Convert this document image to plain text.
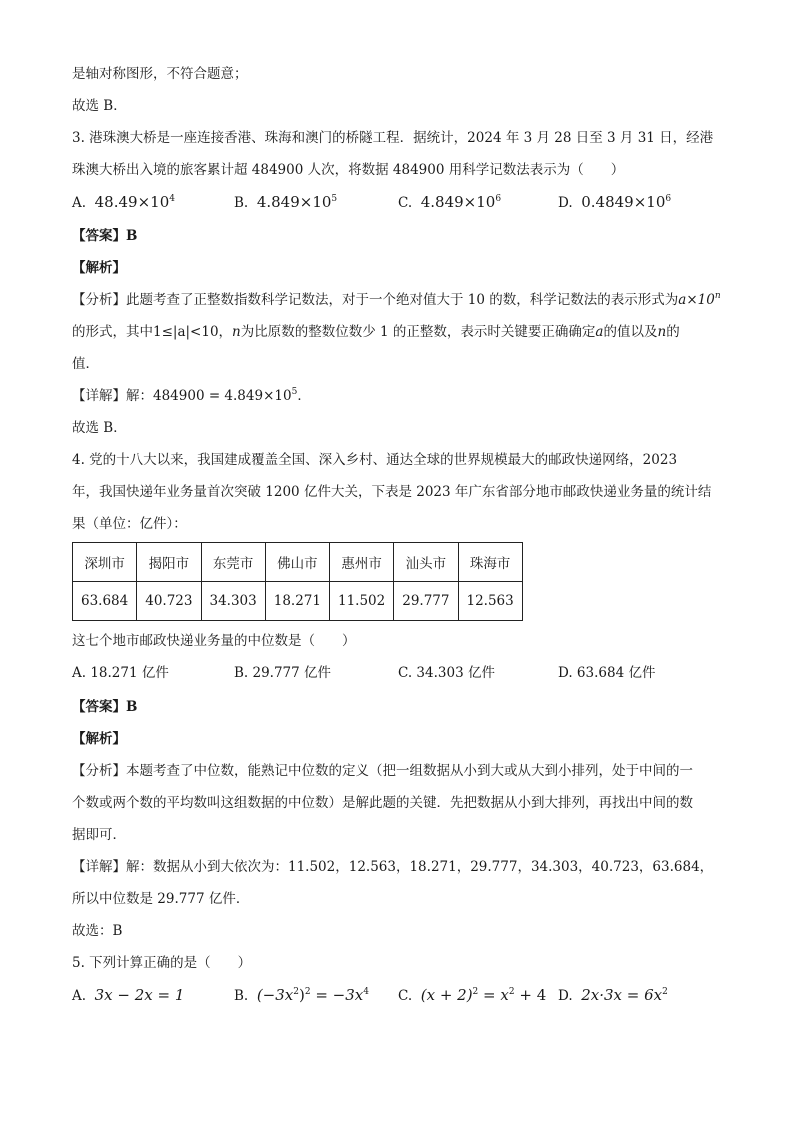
是轴对称图形，不符合题意；
故选 B．
3. 港珠澳大桥是一座连接香港、珠海和澳门的桥隧工程．据统计，2024 年 3 月 28 日至 3 月 31 日，经港
珠澳大桥出入境的旅客累计超 484900 人次，将数据 484900 用科学记数法表示为（　　）
A. $48.49\times 10^4$	B. $4.849\times 10^5$	C. $4.849\times 10^6$	D. $0.4849\times 10^6$
【答案】B
【解析】
【分析】此题考查了正整数指数科学记数法，对于一个绝对值大于 10 的数，科学记数法的表示形式为$a\times 10^n$
的形式，其中1≤|a|<10，n为比原数的整数位数少 1 的正整数，表示时关键要正确确定a的值以及n的
值．
【详解】解：$484900 = 4.849\times 10^5$．
故选 B．
4. 党的十八大以来，我国建成覆盖全国、深入乡村、通达全球的世界规模最大的邮政快递网络，2023
年，我国快递年业务量首次突破 1200 亿件大关，下表是 2023 年广东省部分地市邮政快递业务量的统计结
果（单位：亿件）：
深圳市	揭阳市	东莞市	佛山市	惠州市	汕头市	珠海市
63.684	40.723	34.303	18.271	11.502	29.777	12.563
这七个地市邮政快递业务量的中位数是（　　）
A. 18.271 亿件	B. 29.777 亿件	C. 34.303 亿件	D. 63.684 亿件
【答案】B
【解析】
【分析】本题考查了中位数，能熟记中位数的定义（把一组数据从小到大或从大到小排列，处于中间的一
个数或两个数的平均数叫这组数据的中位数）是解此题的关键．先把数据从小到大排列，再找出中间的数
据即可．
【详解】解：数据从小到大依次为：11.502，12.563，18.271，29.777，34.303，40.723，63.684，
所以中位数是 29.777 亿件．
故选：B
5. 下列计算正确的是（　　）
A. 3x − 2x = 1	B. $(-3x^2)^2 = -3x^4$ C. $(x + 2)^2 = x^2 + 4$ D. $2x\cdot 3x = 6x^2$
